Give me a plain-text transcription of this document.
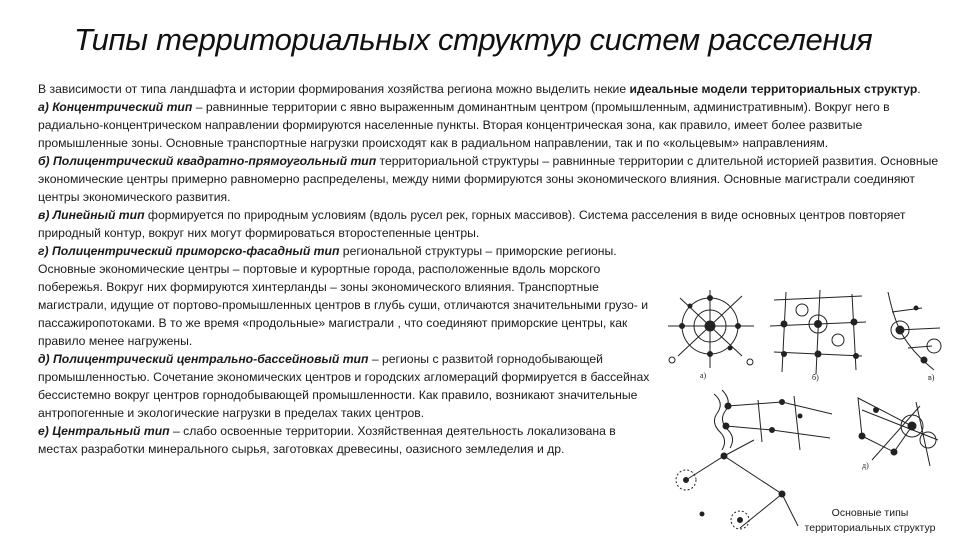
Типы территориальных структур систем расселения

В зависимости от типа ландшафта и истории формирования хозяйства региона можно выделить некие идеальные модели территориальных структур.

а) Концентрический тип – равнинные территории с явно выраженным доминантным центром (промышленным, административным). Вокруг него в радиально-концентрическом направлении формируются населенные пункты. Вторая концентрическая зона, как правило, имеет более развитые промышленные зоны. Основные транспортные нагрузки происходят как в радиальном направлении, так и по «кольцевым» направлениям.

б) Полицентрический квадратно-прямоугольный тип территориальной структуры – равнинные территории с длительной историей развития. Основные экономические центры примерно равномерно распределены, между ними формируются зоны экономического влияния. Основные магистрали соединяют центры экономического развития.

в) Линейный тип формируется по природным условиям (вдоль русел рек, горных массивов). Система расселения в виде основных центров повторяет природный контур, вокруг них могут формироваться второстепенные центры.

г) Полицентрический приморско-фасадный тип региональной структуры – приморские регионы. Основные экономические центры – портовые и курортные города, расположенные вдоль морского побережья. Вокруг них формируются хинтерланды – зоны экономического влияния. Транспортные магистрали, идущие от портово-промышленных центров в глубь суши, отличаются значительными грузо- и пассажиропотоками. В то же время «продольные» магистрали , что соединяют приморские центры, как правило менее нагружены.

д) Полицентрический центрально-бассейновый тип – регионы с развитой горнодобывающей промышленностью. Сочетание экономических центров и городских агломераций формируется в бассейнах бессистемно вокруг центров горнодобывающей промышленности. Как правило, возникают значительные антропогенные и экологические нагрузки в пределах таких центров.

е) Центральный тип – слабо освоенные территории. Хозяйственная деятельность локализована в местах разработки минерального сырья, заготовках древесины, оазисного земледелия и др.

а)	б)	в)
д)
Основные типы
территориальных структур
